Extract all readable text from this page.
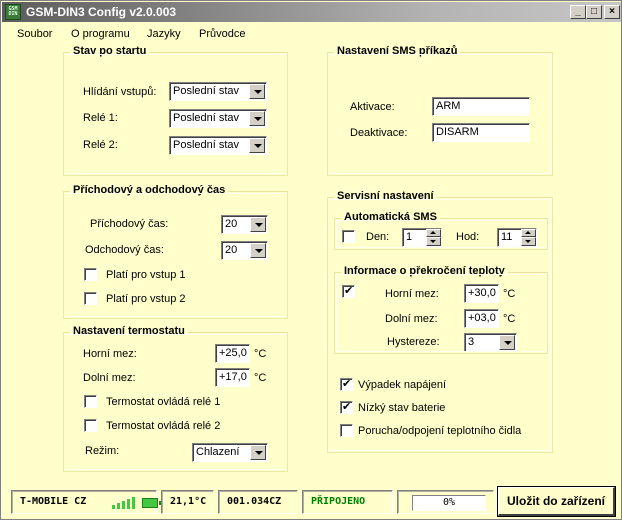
GSM
DIN GSM-DIN3 Config v2.0.003	_	□	×
Soubor O programu Jazyky Průvodce
Stav po startu
Hlídání vstupů: Poslední stav
Relé 1:	Poslední stav
Relé 2:	Poslední stav
Příchodový a odchodový čas
Příchodový čas:	20
Odchodový čas:	20
Platí pro vstup 1
Platí pro vstup 2
Nastavení termostatu
Horní mez:	+25,0 °C
Dolní mez:	+17,0 °C
Termostat ovládá relé 1
Termostat ovládá relé 2
Režim:	Chlazení
Nastavení SMS příkazů
Aktivace:	ARM
Deaktivace:	DISARM
Servisní nastavení
Automatická SMS
Den: 1	Hod: 11
Informace o překročení teploty
✔
Horní mez:	+30,0 °C
Dolní mez:	+03,0 °C
Hystereze:	3
✔
Výpadek napájení
✔
Nízký stav baterie
Porucha/odpojení teplotního čidla
T-MOBILE CZ	21,1°C	001.034CZ	PŘIPOJENO	0%	Uložit do zařízení
